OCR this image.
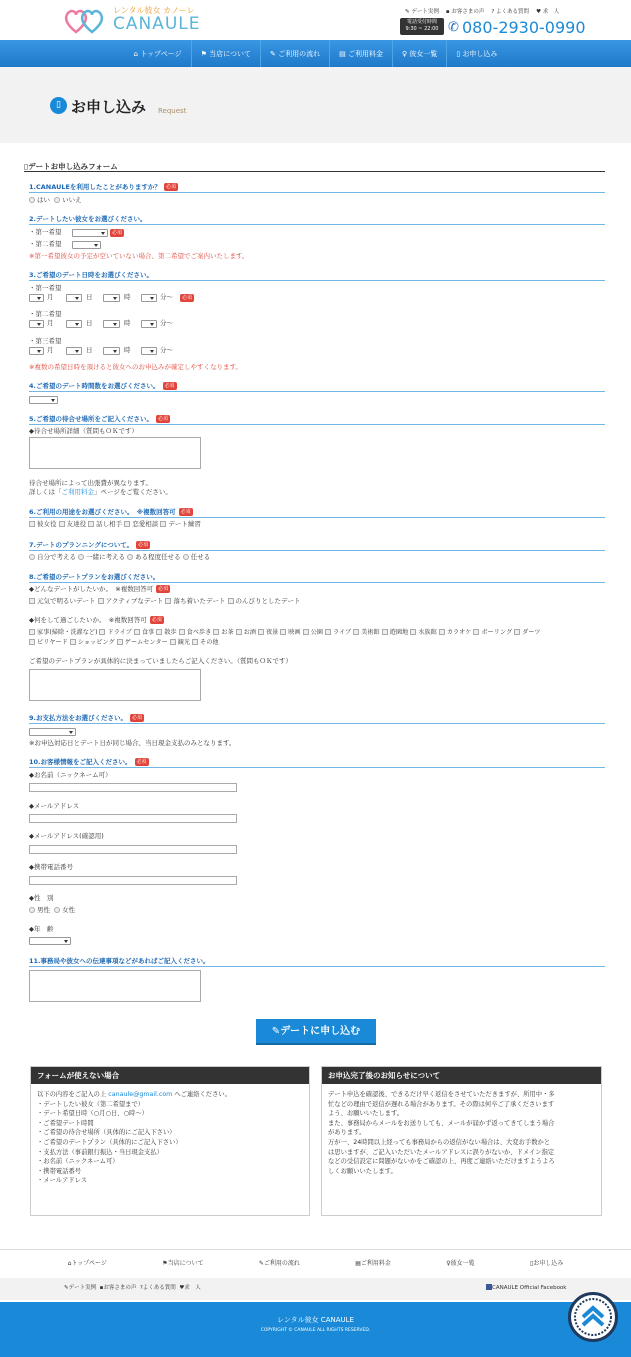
レンタル彼女 カノーレ
CANAULE
✎ デート実例 ▪ お客さまの声 ? よくある質問 ♥ 求　人
電話受付時間
9:30 ~ 22:00 ✆ 080-2930-0990
⌂
トップページ	⚑
当店について	✎
ご利用の流れ	▤
ご利用料金	♀
彼女一覧	▯
お申し込み
▯ お申し込み Request
▯デートお申し込みフォーム
1.CANAULEを利用したことがありますか？ 必須
はい いいえ
2.デートしたい彼女をお選びください。
・第一希望	必須
・第二希望
※第一希望彼女の予定が空いていない場合、第二希望でご案内いたします。
3.ご希望のデート日時をお選びください。
・第一希望
月	日	時	分〜	必須
・第二希望
月	日	時	分〜
・第三希望
月	日	時	分〜
※複数の希望日時を頂けると彼女へのお申込みが確定しやすくなります。
4.ご希望のデート時間数をお選びください。 必須
5.ご希望の待合せ場所をご記入ください。 必須
◆待合せ場所詳細（質問もＯＫです）
待合せ場所によって出張費が異なります。
詳しくは「ご利用料金」ページをご覧ください。
6.ご利用の用途をお選びください。　 ※複数回答可 必須
彼女役 友達役 話し相手 恋愛相談 デート練習
7.デートのプランニングについて。 必須
自分で考える 一緒に考える ある程度任せる 任せる
8.ご希望のデートプランをお選びください。
◆どんなデートがしたいか。　 ※複数回答可 必須
元気で明るいデート アクティブなデート 落ち着いたデート のんびりとしたデート
◆何をして過ごしたいか。　 ※複数回答可 必須
家事(掃除・洗濯など) ドライブ 食事 散歩 食べ歩き お茶 お酒 夜景 映画 公園 ライブ 美術館 遊園地 水族館 カラオケ ボーリング ダーツ
ビリヤード ショッピング ゲームセンター 観光 その他
ご希望のデートプランが具体的に決まっていましたらご記入ください。（質問もＯＫです）
9.お支払方法をお選びください。 必須
※お申込対応日とデート日が同じ場合、当日現金支払のみとなります。
10.お客様情報をご記入ください。 必須
◆お名前（ニックネーム可）
◆メールアドレス
◆メールアドレス(確認用)
◆携帯電話番号
◆性　別
男性 女性
◆年　齢
11.事務局や彼女への伝達事項などがあればご記入ください。
✎デートに申し込む
フォームが使えない場合
以下の内容をご記入の上 canaule@gmail.com へご連絡ください。
・デートしたい彼女（第二希望まで）
・デート希望日時（○月○日、○時〜）
・ご希望デート時間
・ご希望の待合せ場所（具体的にご記入下さい）
・ご希望のデートプラン（具体的にご記入下さい）
・支払方法（事前銀行振込・当日現金支払）
・お名前（ニックネーム可）
・携帯電話番号
・メールアドレス
お申込完了後のお知らせについて
デート申込を確認後、できるだけ早く返信をさせていただきますが、所用中・多
忙などの理由で返信が遅れる場合があります。その際は何卒ご了承くださいます
よう、お願いいたします。
また、事務局からメールをお送りしても、メールが届かず返ってきてしまう場合
があります。
万が一、24時間以上経っても事務局からの返信がない場合は、大変お手数かと
は思いますが、ご記入いただいたメールアドレスに誤りがないか、ドメイン指定
などの受信設定に問題がないかをご確認の上、再度ご連絡いただけますようよろ
しくお願いいたします。
⌂トップページ	⚑当店について	✎ご利用の流れ	▤ご利用料金	♀彼女一覧	▯お申し込み
✎デート実例 ▪お客さまの声 ?よくある質問 ♥求　人	CANAULE Official Facebook
レンタル彼女 CANAULE
COPYRIGHT © CANAULE ALL RIGHTS RESERVED.
